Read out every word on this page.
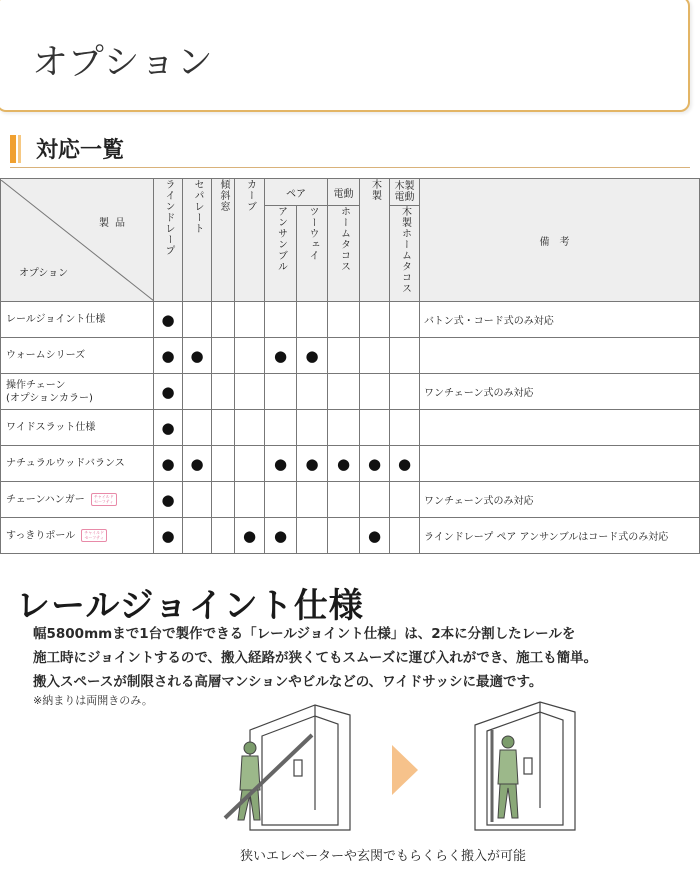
オプション
対応一覧
製品
オプション	ラインドレープ	セパレート	傾斜窓	カーブ	ペア		電動	木製	木製電動	備考

					アンサンブル	ツーウェイ	ホームタコス		木製ホームタコス	

レールジョイント仕様	●									バトン式・コード式のみ対応
ウォームシリーズ	●	●			●	●				
操作チェーン
(オプションカラー)	●									ワンチェーン式のみ対応
ワイドスラット仕様	●									
ナチュラルウッドバランス	●	●			●	●	●	●	●	
チェーンハンガー チャイルド
セーフティ	●									ワンチェーン式のみ対応
すっきりポール チャイルド
セーフティ	●			●	●			●		ラインドレープ ペア アンサンブルはコード式のみ対応
レールジョイント仕様
幅5800mmまで1台で製作できる「レールジョイント仕様」は、2本に分割したレールを
施工時にジョイントするので、搬入経路が狭くてもスムーズに運び入れができ、施工も簡単。
搬入スペースが制限される高層マンションやビルなどの、ワイドサッシに最適です。
※納まりは両開きのみ。
狭いエレベーターや玄関でもらくらく搬入が可能
